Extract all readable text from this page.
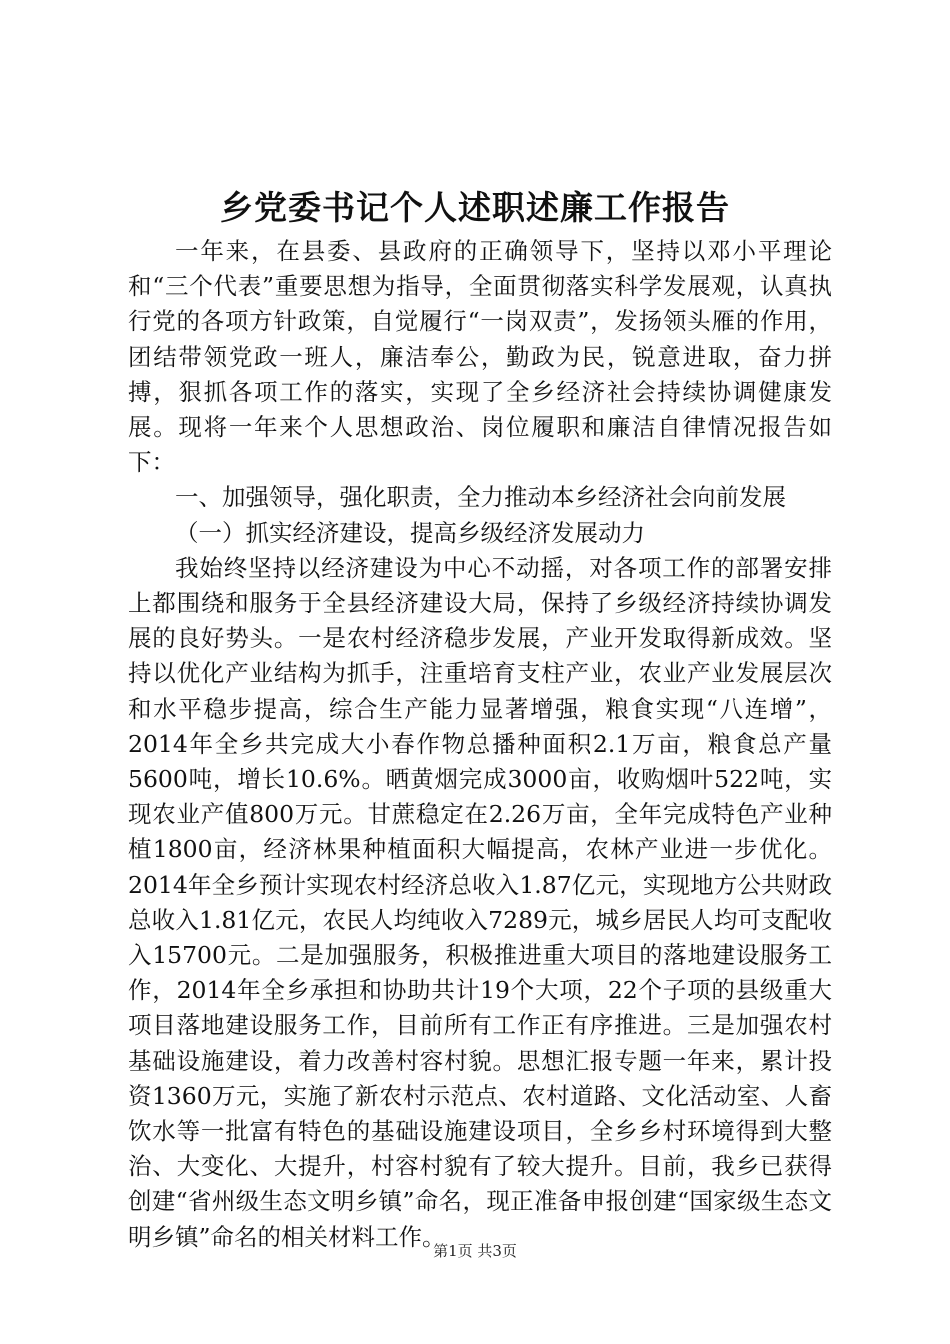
乡党委书记个人述职述廉工作报告

一年来，在县委、县政府的正确领导下，坚持以邓小平理论和“三个代表”重要思想为指导，全面贯彻落实科学发展观，认真执行党的各项方针政策，自觉履行“一岗双责”，发扬领头雁的作用，团结带领党政一班人，廉洁奉公，勤政为民，锐意进取，奋力拼搏，狠抓各项工作的落实，实现了全乡经济社会持续协调健康发展。现将一年来个人思想政治、岗位履职和廉洁自律情况报告如下：

一、加强领导，强化职责，全力推动本乡经济社会向前发展

（一）抓实经济建设，提高乡级经济发展动力

我始终坚持以经济建设为中心不动摇，对各项工作的部署安排上都围绕和服务于全县经济建设大局，保持了乡级经济持续协调发展的良好势头。一是农村经济稳步发展，产业开发取得新成效。坚持以优化产业结构为抓手，注重培育支柱产业，农业产业发展层次和水平稳步提高，综合生产能力显著增强，粮食实现“八连增”，2014年全乡共完成大小春作物总播种面积2.1万亩，粮食总产量5600吨，增长10.6%。晒黄烟完成3000亩，收购烟叶522吨，实现农业产值800万元。甘蔗稳定在2.26万亩，全年完成特色产业种植1800亩，经济林果种植面积大幅提高，农林产业进一步优化。2014年全乡预计实现农村经济总收入1.87亿元，实现地方公共财政总收入1.81亿元，农民人均纯收入7289元，城乡居民人均可支配收入15700元。二是加强服务，积极推进重大项目的落地建设服务工作，2014年全乡承担和协助共计19个大项，22个子项的县级重大项目落地建设服务工作，目前所有工作正有序推进。三是加强农村基础设施建设，着力改善村容村貌。思想汇报专题一年来，累计投资1360万元，实施了新农村示范点、农村道路、文化活动室、人畜饮水等一批富有特色的基础设施建设项目，全乡乡村环境得到大整治、大变化、大提升，村容村貌有了较大提升。目前，我乡已获得创建“省州级生态文明乡镇”命名，现正准备申报创建“国家级生态文明乡镇”命名的相关材料工作。

第1页 共3页
